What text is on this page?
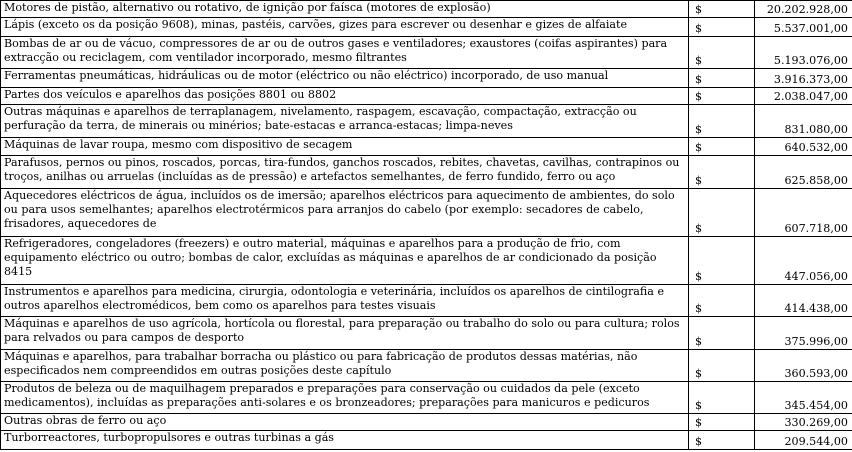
Motores de pistão, alternativo ou rotativo, de ignição por faísca (motores de explosão)	$	20.202.928,00
Lápis (exceto os da posição 9608), minas, pastéis, carvões, gizes para escrever ou desenhar e gizes de alfaiate	$	5.537.001,00
Bombas de ar ou de vácuo, compressores de ar ou de outros gases e ventiladores; exaustores (coifas aspirantes) para extracção ou reciclagem, com ventilador incorporado, mesmo filtrantes	$	5.193.076,00
Ferramentas pneumáticas, hidráulicas ou de motor (eléctrico ou não eléctrico) incorporado, de uso manual	$	3.916.373,00
Partes dos veículos e aparelhos das posições 8801 ou 8802	$	2.038.047,00
Outras máquinas e aparelhos de terraplanagem, nivelamento, raspagem, escavação, compactação, extracção ou perfuração da terra, de minerais ou minérios; bate-estacas e arranca-estacas; limpa-neves	$	831.080,00
Máquinas de lavar roupa, mesmo com dispositivo de secagem	$	640.532,00
Parafusos, pernos ou pinos, roscados, porcas, tira-fundos, ganchos roscados, rebites, chavetas, cavilhas, contrapinos ou troços, anilhas ou arruelas (incluídas as de pressão) e artefactos semelhantes, de ferro fundido, ferro ou aço	$	625.858,00
Aquecedores eléctricos de água, incluídos os de imersão; aparelhos eléctricos para aquecimento de ambientes, do solo ou para usos semelhantes; aparelhos electrotérmicos para arranjos do cabelo (por exemplo: secadores de cabelo, frisadores, aquecedores de	$	607.718,00
Refrigeradores, congeladores (freezers) e outro material, máquinas e aparelhos para a produção de frio, com equipamento eléctrico ou outro; bombas de calor, excluídas as máquinas e aparelhos de ar condicionado da posição 8415	$	447.056,00
Instrumentos e aparelhos para medicina, cirurgia, odontologia e veterinária, incluídos os aparelhos de cintilografia e outros aparelhos electromédicos, bem como os aparelhos para testes visuais	$	414.438,00
Máquinas e aparelhos de uso agrícola, hortícola ou florestal, para preparação ou trabalho do solo ou para cultura; rolos para relvados ou para campos de desporto	$	375.996,00
Máquinas e aparelhos, para trabalhar borracha ou plástico ou para fabricação de produtos dessas matérias, não especificados nem compreendidos em outras posições deste capítulo	$	360.593,00
Produtos de beleza ou de maquilhagem preparados e preparações para conservação ou cuidados da pele (exceto medicamentos), incluídas as preparações anti-solares e os bronzeadores; preparações para manicuros e pedicuros	$	345.454,00
Outras obras de ferro ou aço	$	330.269,00
Turborreactores, turbopropulsores e outras turbinas a gás	$	209.544,00
